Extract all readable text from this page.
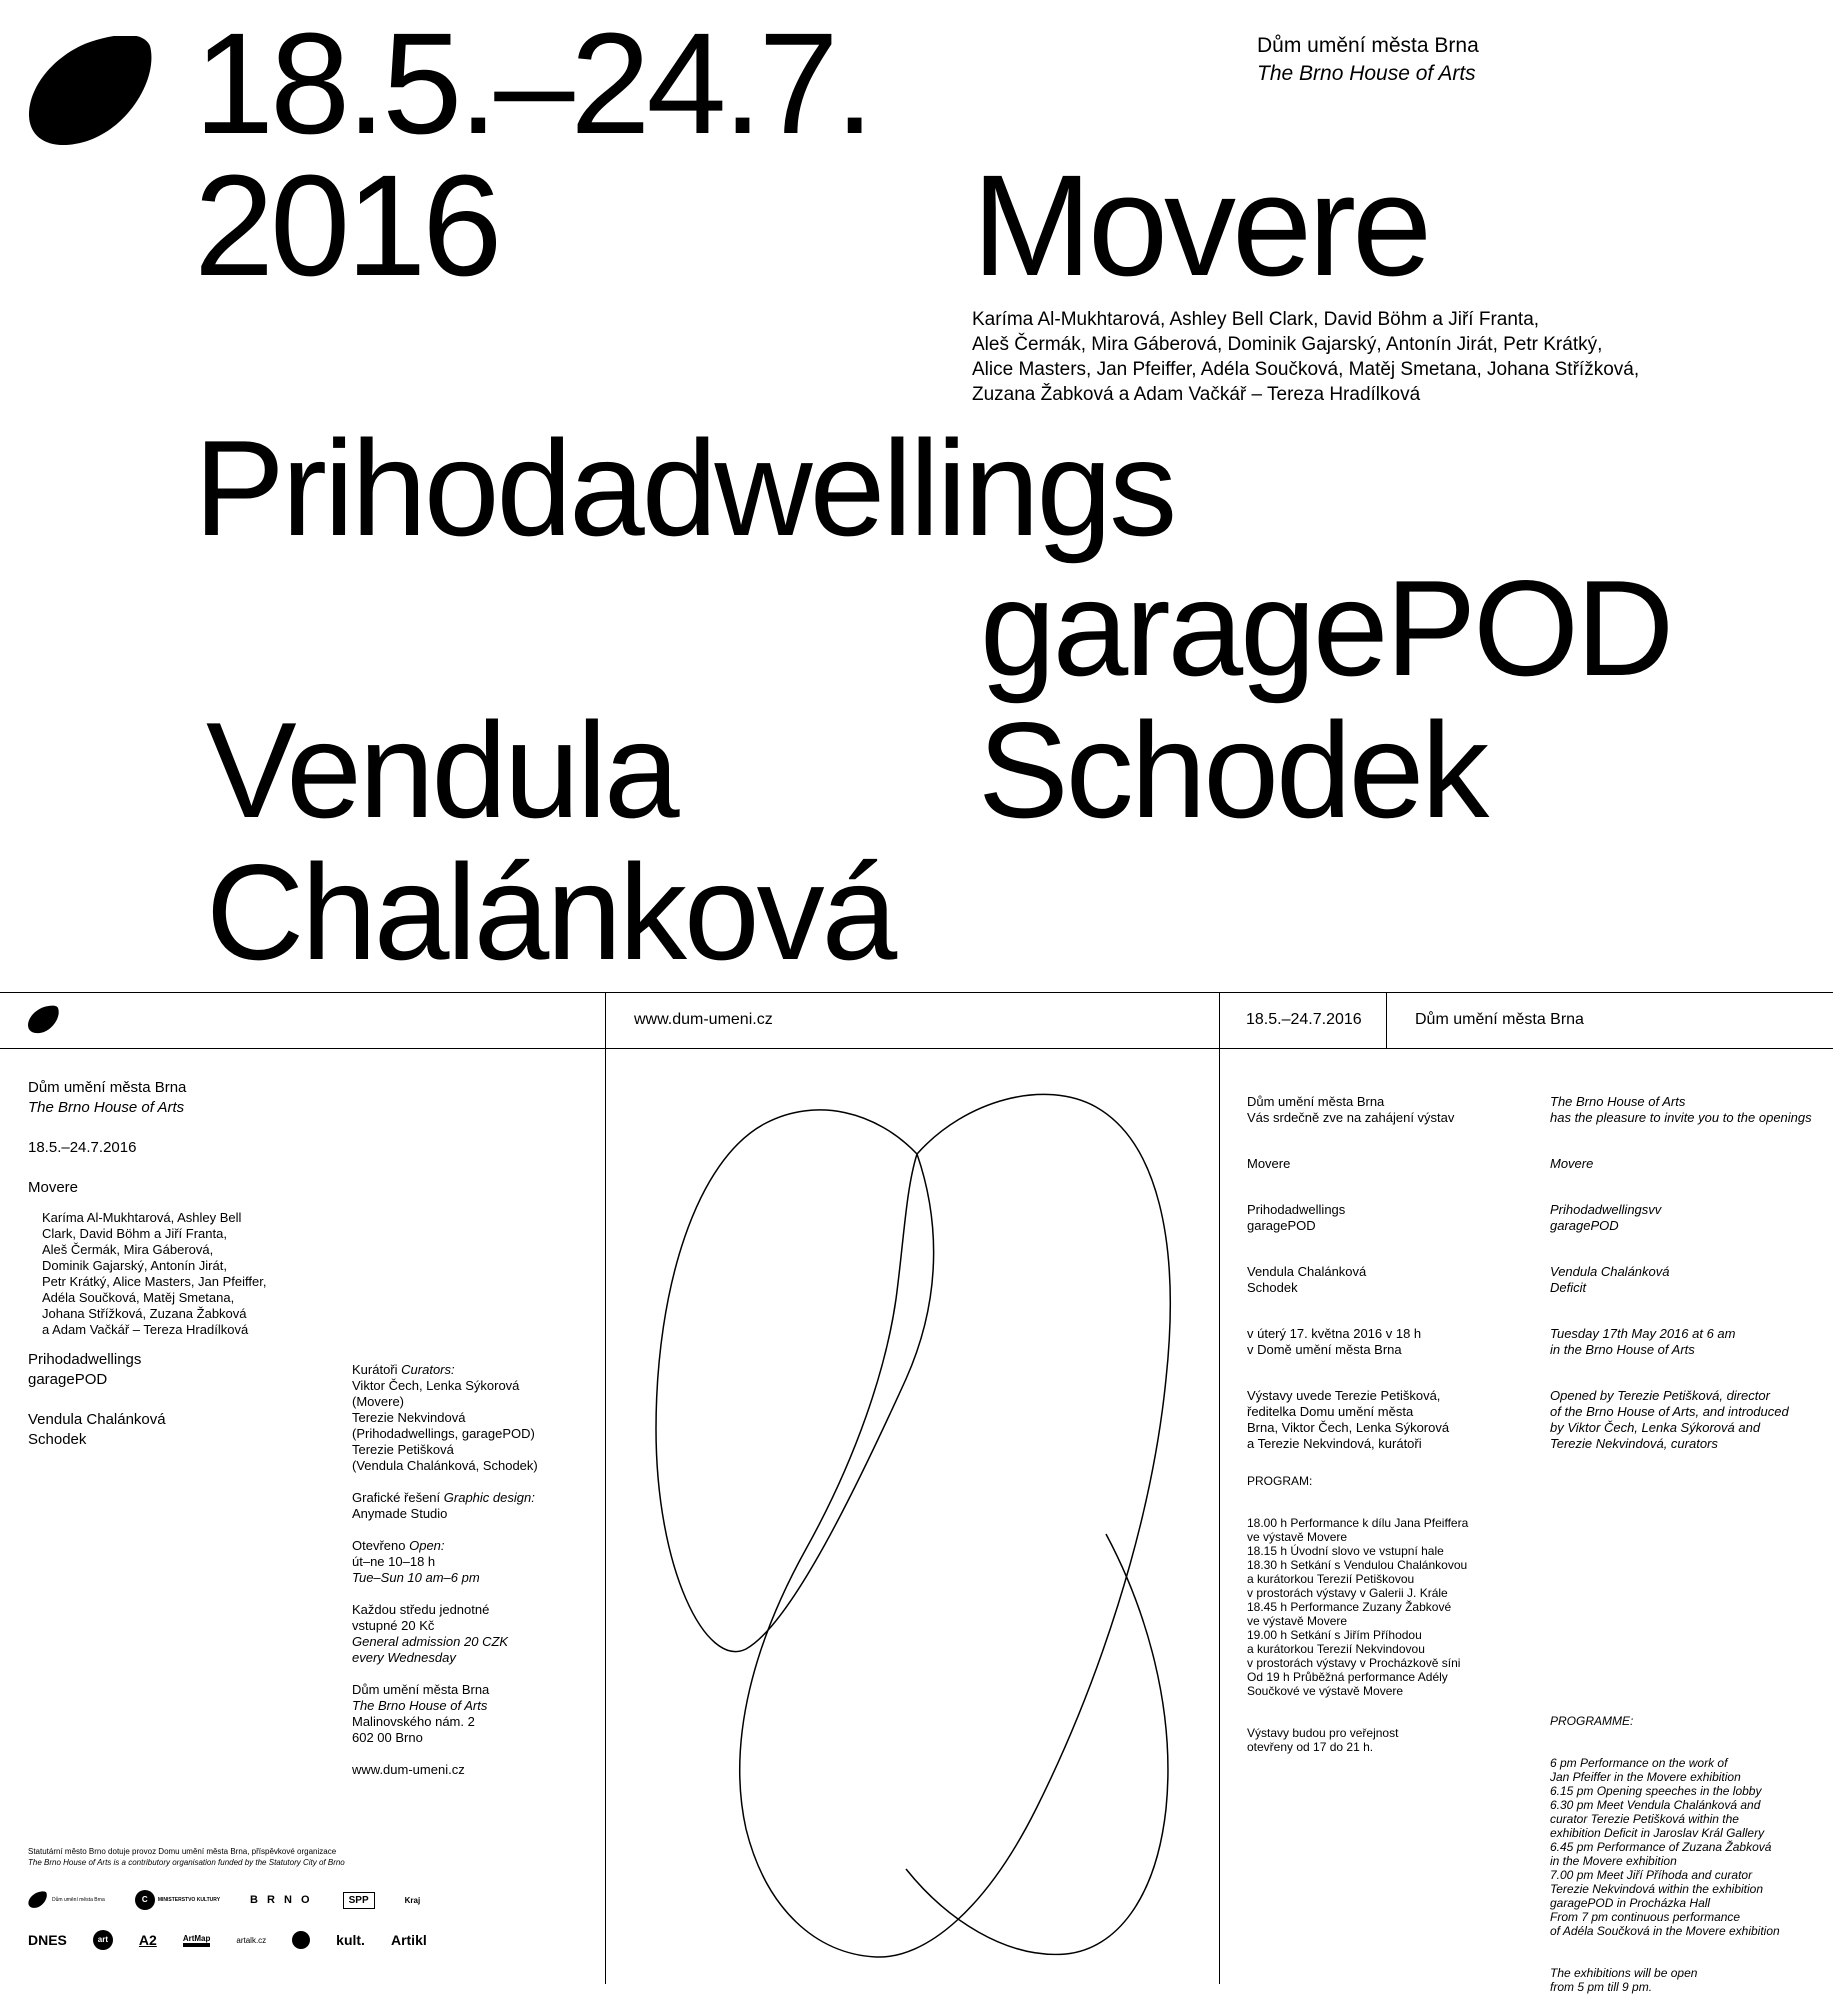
18.5.–24.7.
2016
Dům umění města Brna
The Brno House of Arts
Movere
Karíma Al-Mukhtarová, Ashley Bell Clark, David Böhm a Jiří Franta,
Aleš Čermák, Mira Gáberová, Dominik Gajarský, Antonín Jirát, Petr Krátký,
Alice Masters, Jan Pfeiffer, Adéla Součková, Matěj Smetana, Johana Střížková,
Zuzana Žabková a Adam Vačkář – Tereza Hradílková
Prihodadwellings
garagePOD
Vendula
Chalánková
Schodek
www.dum-umeni.cz	18.5.–24.7.2016	Dům umění města Brna
Dům umění města Brna
The Brno House of Arts
18.5.–24.7.2016
Movere
Karíma Al-Mukhtarová, Ashley Bell
Clark, David Böhm a Jiří Franta,
Aleš Čermák, Mira Gáberová,
Dominik Gajarský, Antonín Jirát,
Petr Krátký, Alice Masters, Jan Pfeiffer,
Adéla Součková, Matěj Smetana,
Johana Střížková, Zuzana Žabková
a Adam Vačkář – Tereza Hradílková
Prihodadwellings
garagePOD
Vendula Chalánková
Schodek
Kurátoři Curators:
Viktor Čech, Lenka Sýkorová
(Movere)
Terezie Nekvindová
(Prihodadwellings, garagePOD)
Terezie Petišková
(Vendula Chalánková, Schodek)
Grafické řešení Graphic design:
Anymade Studio
Otevřeno Open:
út–ne 10–18 h
Tue–Sun 10 am–6 pm
Každou středu jednotné
vstupné 20 Kč
General admission 20 CZK
every Wednesday
Dům umění města Brna
The Brno House of Arts
Malinovského nám. 2
602 00 Brno
www.dum-umeni.cz
Statutární město Brno dotuje provoz Domu umění města Brna, příspěvkové organizace
The Brno House of Arts is a contributory organisation funded by the Statutory City of Brno
Dům umění města Brna	C	MINISTERSTVO KULTURY	B R N O	SPP	Kraj
DNES	art	A2	ArtMap	artalk.cz	kult. Artikl

Dům umění města Brna
Vás srdečně zve na zahájení výstav

Movere

Prihodadwellings
garagePOD

Vendula Chalánková
Schodek

v úterý 17. května 2016 v 18 h
v Domě umění města Brna

Výstavy uvede Terezie Petišková,
ředitelka Domu umění města
Brna, Viktor Čech, Lenka Sýkorová
a Terezie Nekvindová, kurátoři

PROGRAM:

18.00 h Performance k dílu Jana Pfeiffera
ve výstavě Movere
18.15 h Úvodní slovo ve vstupní hale
18.30 h Setkání s Vendulou Chalánkovou
a kurátorkou Terezií Petiškovou
v prostorách výstavy v Galerii J. Krále
18.45 h Performance Zuzany Žabkové
ve výstavě Movere
19.00 h Setkání s Jiřím Příhodou
a kurátorkou Terezií Nekvindovou
v prostorách výstavy v Procházkově síni
Od 19 h Průběžná performance Adély
Součkové ve výstavě Movere

Výstavy budou pro veřejnost
otevřeny od 17 do 21 h.

The Brno House of Arts
has the pleasure to invite you to the openings

Movere

Prihodadwellingsvv
garagePOD

Vendula Chalánková
Deficit

Tuesday 17th May 2016 at 6 am
in the Brno House of Arts

Opened by Terezie Petišková, director
of the Brno House of Arts, and introduced
by Viktor Čech, Lenka Sýkorová and
Terezie Nekvindová, curators

PROGRAMME:

6 pm Performance on the work of
Jan Pfeiffer in the Movere exhibition
6.15 pm Opening speeches in the lobby
6.30 pm Meet Vendula Chalánková and
curator Terezie Petišková within the
exhibition Deficit in Jaroslav Král Gallery
6.45 pm Performance of Zuzana Žabková
in the Movere exhibition
7.00 pm Meet Jiří Příhoda and curator
Terezie Nekvindová within the exhibition
garagePOD in Procházka Hall
From 7 pm continuous performance
of Adéla Součková in the Movere exhibition

The exhibitions will be open
from 5 pm till 9 pm.
